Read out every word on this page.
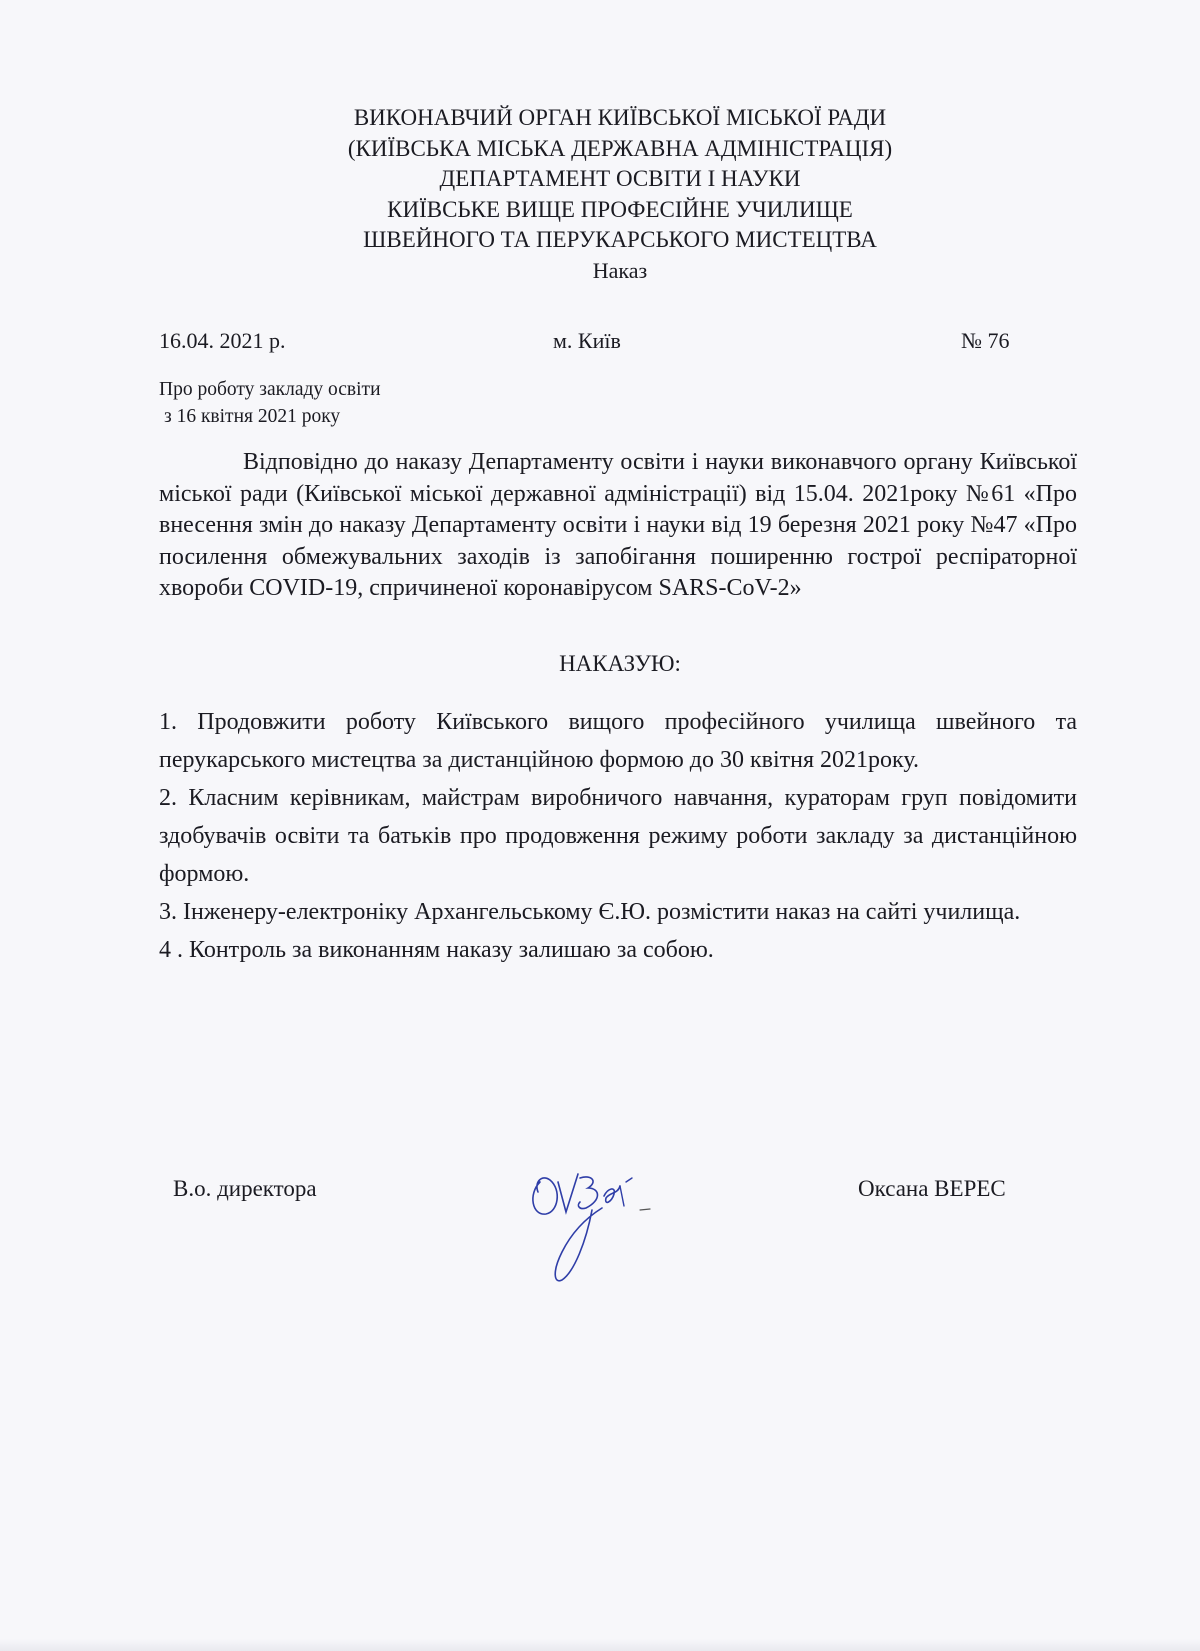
ВИКОНАВЧИЙ ОРГАН КИЇВСЬКОЇ МІСЬКОЇ РАДИ
(КИЇВСЬКА МІСЬКА ДЕРЖАВНА АДМІНІСТРАЦІЯ)
ДЕПАРТАМЕНТ ОСВІТИ І НАУКИ
КИЇВСЬКЕ ВИЩЕ ПРОФЕСІЙНЕ УЧИЛИЩЕ
ШВЕЙНОГО ТА ПЕРУКАРСЬКОГО МИСТЕЦТВА
Наказ
16.04. 2021 р.	м. Київ	№ 76
Про роботу закладу освіти
з 16 квітня 2021 року

Відповідно до наказу Департаменту освіти і науки виконавчого органу Київської міської ради (Київської міської державної адміністрації) від 15.04. 2021року №61 «Про внесення змін до наказу Департаменту освіти і науки від 19 березня 2021 року №47 «Про посилення обмежувальних заходів із запобігання поширенню гострої респіраторної хвороби COVID-19, спричиненої коронавірусом SARS-CoV-2»

НАКАЗУЮ:

1. Продовжити роботу Київського вищого професійного училища швейного та перукарського мистецтва за дистанційною формою до 30 квітня 2021року.

2. Класним керівникам, майстрам виробничого навчання, кураторам груп повідомити здобувачів освіти та батьків про продовження режиму роботи закладу за дистанційною формою.

3. Інженеру-електроніку Архангельському Є.Ю. розмістити наказ на сайті училища.

4 . Контроль за виконанням наказу залишаю за собою.

В.о. директора	Оксана ВЕРЕС
